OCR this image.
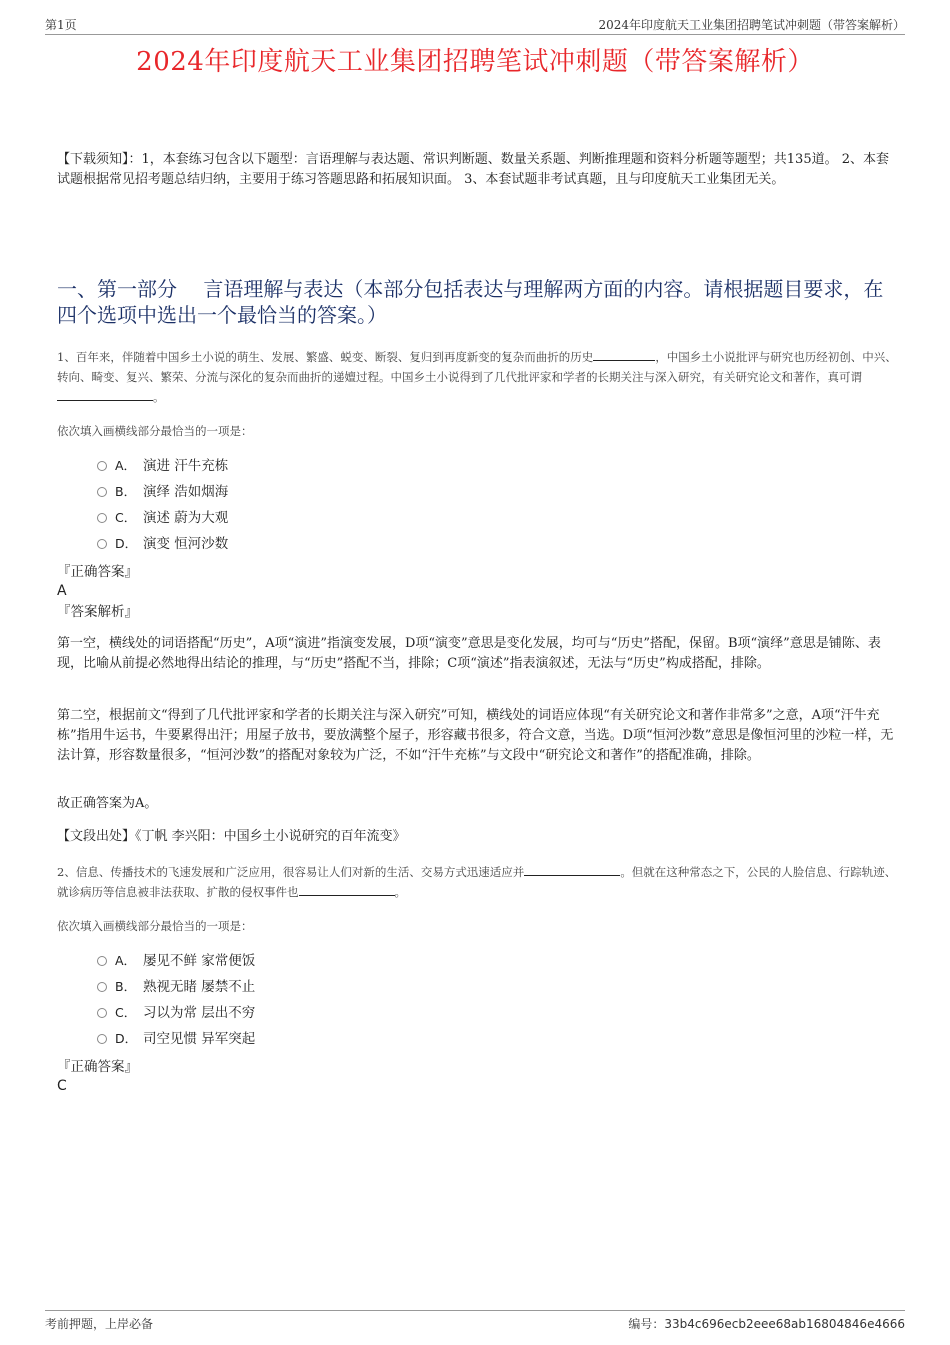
第1页	2024年印度航天工业集团招聘笔试冲刺题（带答案解析）
2024年印度航天工业集团招聘笔试冲刺题（带答案解析）

【下载须知】：1，本套练习包含以下题型：言语理解与表达题、常识判断题、数量关系题、判断推理题和资料分析题等题型；共135道。 2、本套试题根据常见招考题总结归纳，主要用于练习答题思路和拓展知识面。 3、本套试题非考试真题，且与印度航天工业集团无关。

一、第一部分　 言语理解与表达（本部分包括表达与理解两方面的内容。请根据题目要求，在四个选项中选出一个最恰当的答案。）

1、百年来，伴随着中国乡土小说的萌生、发展、繁盛、蜕变、断裂、复归到再度新变的复杂而曲折的历史	，中国乡土小说批评与研究也历经初创、中兴、转向、畸变、复兴、繁荣、分流与深化的复杂而曲折的递嬗过程。中国乡土小说得到了几代批评家和学者的长期关注与深入研究，有关研究论文和著作，真可谓。

依次填入画横线部分最恰当的一项是：
A． 演进 汗牛充栋
B． 演绎 浩如烟海
C． 演述 蔚为大观
D． 演变 恒河沙数
『正确答案』
A
『答案解析』

第一空，横线处的词语搭配“历史”，A项“演进”指演变发展，D项“演变”意思是变化发展，均可与“历史”搭配，保留。B项“演绎”意思是铺陈、表现，比喻从前提必然地得出结论的推理，与“历史”搭配不当，排除；C项“演述”指表演叙述，无法与“历史”构成搭配，排除。

第二空，根据前文“得到了几代批评家和学者的长期关注与深入研究”可知，横线处的词语应体现“有关研究论文和著作非常多”之意，A项“汗牛充栋”指用牛运书，牛要累得出汗；用屋子放书，要放满整个屋子，形容藏书很多，符合文意，当选。D项“恒河沙数”意思是像恒河里的沙粒一样，无法计算，形容数量很多，“恒河沙数”的搭配对象较为广泛，不如“汗牛充栋”与文段中“研究论文和著作”的搭配准确，排除。

故正确答案为A。

【文段出处】《丁帆 李兴阳：中国乡土小说研究的百年流变》

2、信息、传播技术的飞速发展和广泛应用，很容易让人们对新的生活、交易方式迅速适应并	。但就在这种常态之下，公民的人脸信息、行踪轨迹、就诊病历等信息被非法获取、扩散的侵权事件也	。

依次填入画横线部分最恰当的一项是：
A． 屡见不鲜 家常便饭
B． 熟视无睹 屡禁不止
C． 习以为常 层出不穷
D． 司空见惯 异军突起
『正确答案』
C
考前押题，上岸必备	编号：33b4c696ecb2eee68ab16804846e4666
